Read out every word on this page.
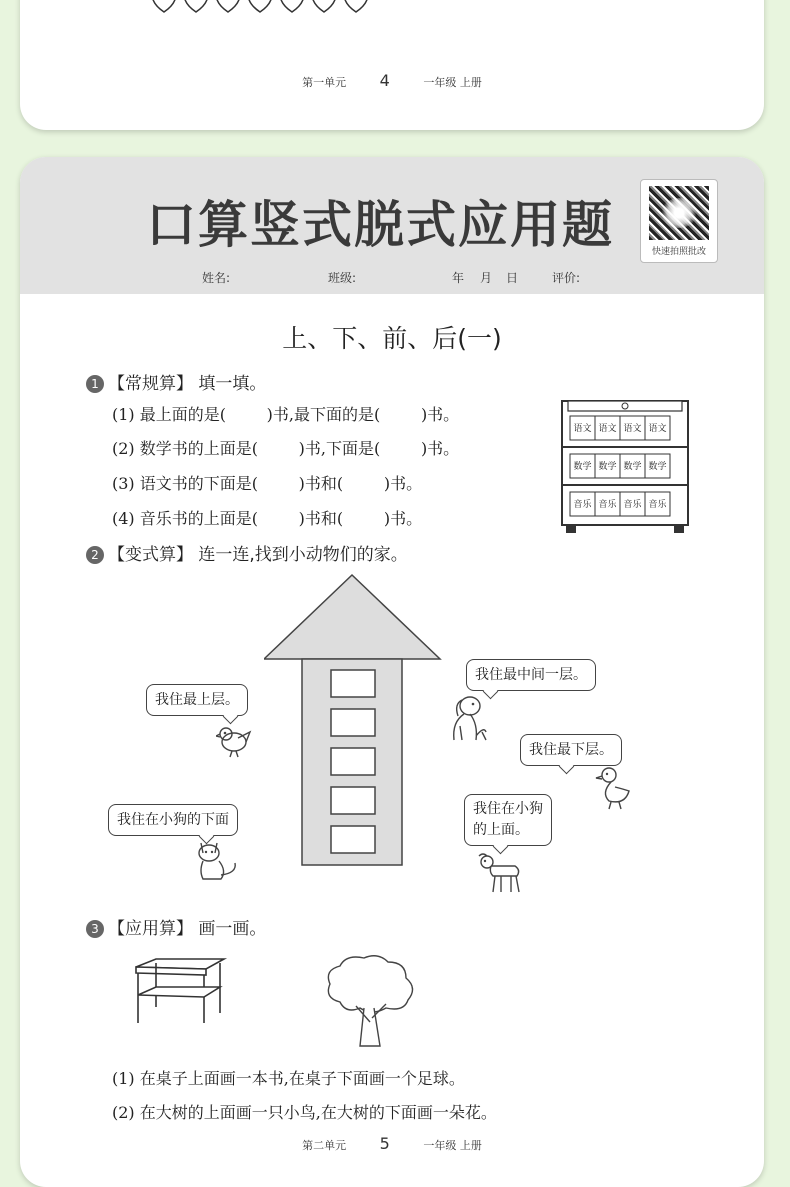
第一单元 4	一年级 上册
口算竖式脱式应用题	快速拍照批改
姓名:	班级:	年 月 日	评价:
上、下、前、后(一)
1 【常规算】 填一填。
(1) 最上面的是(        )书,最下面的是(        )书。
(2) 数学书的上面是(        )书,下面是(        )书。
(3) 语文书的下面是(        )书和(        )书。
(4) 音乐书的上面是(        )书和(        )书。
语文 语文 语文 语文
数学 数学 数学 数学
音乐 音乐 音乐 音乐
2 【变式算】 连一连,找到小动物们的家。
我住最上层。
我住最中间一层。
我住最下层。
我住在小狗的下面
我住在小狗
的上面。
3 【应用算】 画一画。
(1) 在桌子上面画一本书,在桌子下面画一个足球。
(2) 在大树的上面画一只小鸟,在大树的下面画一朵花。
第二单元 5	一年级 上册
